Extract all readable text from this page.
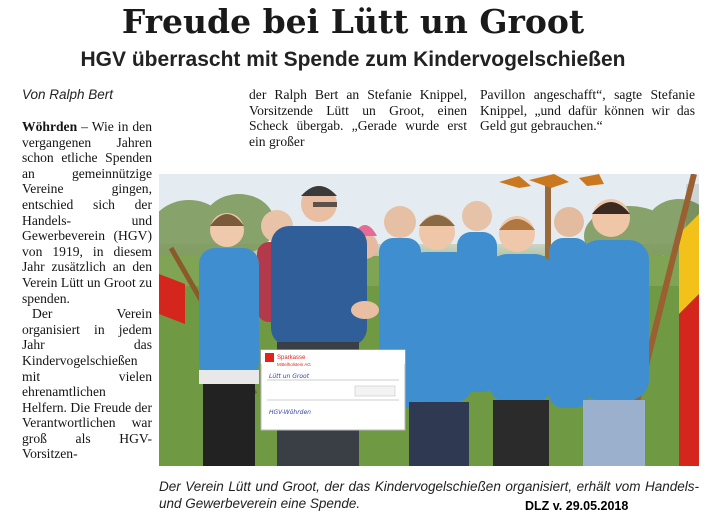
Freude bei Lütt un Groot
HGV überrascht mit Spende zum Kindervogelschießen
Von Ralph Bert

Wöhrden – Wie in den vergangenen Jahren schon etliche Spenden an gemeinnützige Vereine gingen, entschied sich der Handels- und Gewerbeverein (HGV) von 1919, in diesem Jahr zusätzlich an den Verein Lütt un Groot zu spenden.

Der Verein organisiert in jedem Jahr das Kindervogelschießen mit vielen ehrenamtlichen Helfern. Die Freude der Verantwortlichen war groß als HGV-Vorsitzen-

der Ralph Bert an Stefanie Knippel, Vorsitzende Lütt un Groot, einen Scheck übergab. „Gerade wurde erst ein großer

Pavillon angeschafft“, sagte Stefanie Knippel, „und dafür können wir das Geld gut gebrauchen.“

Sparkasse
Mittelholstein AG
Lütt un Groot
HGV-Wöhrden
Der Verein Lütt und Groot, der das Kindervogelschießen organisiert, erhält vom Handels- und Gewerbeverein eine Spende.	DLZ v. 29.05.2018
